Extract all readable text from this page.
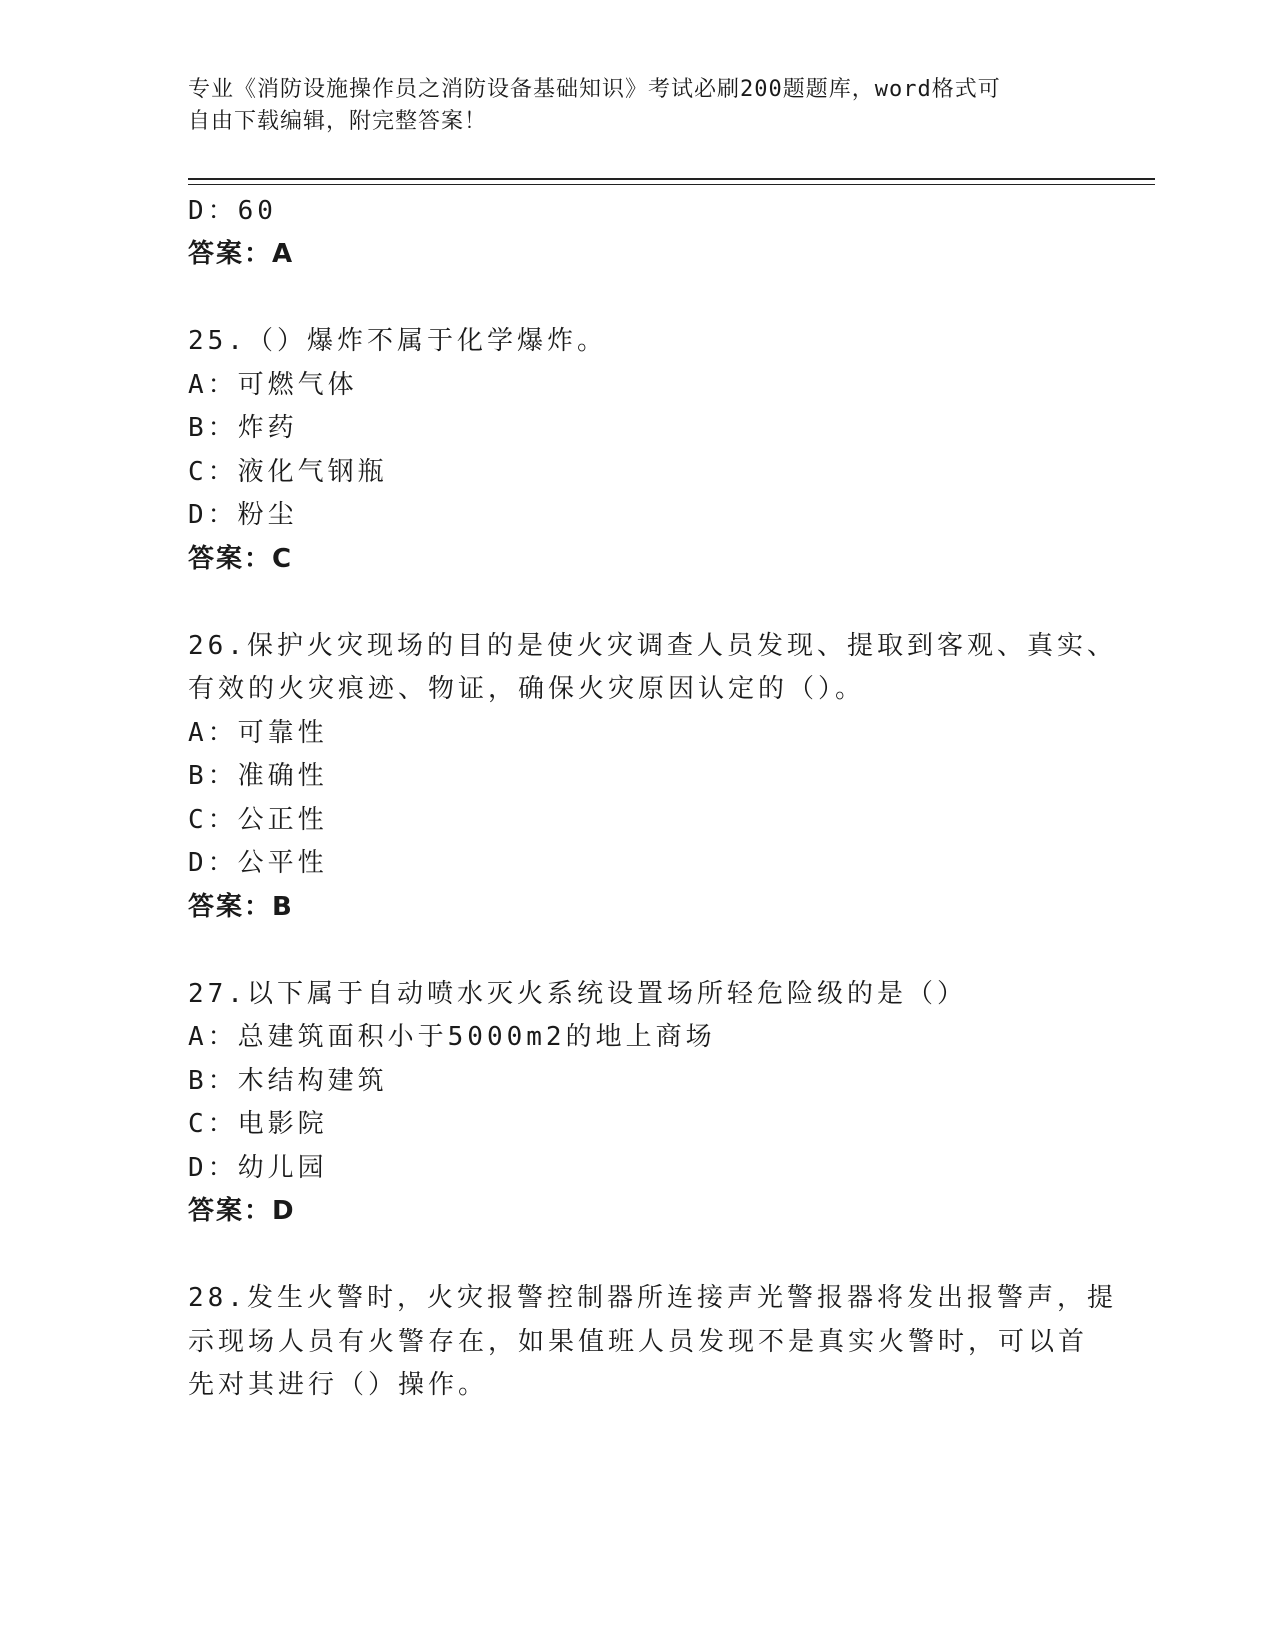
专业《消防设施操作员之消防设备基础知识》考试必刷200题题库，word格式可
自由下载编辑，附完整答案！
D：60
答案：A
25.（）爆炸不属于化学爆炸。
A：可燃气体
B：炸药
C：液化气钢瓶
D：粉尘
答案：C
26.保护火灾现场的目的是使火灾调查人员发现、提取到客观、真实、
有效的火灾痕迹、物证，确保火灾原因认定的（）。
A：可靠性
B：准确性
C：公正性
D：公平性
答案：B
27.以下属于自动喷水灭火系统设置场所轻危险级的是（）
A：总建筑面积小于5000m2的地上商场
B：木结构建筑
C：电影院
D：幼儿园
答案：D
28.发生火警时，火灾报警控制器所连接声光警报器将发出报警声，提
示现场人员有火警存在，如果值班人员发现不是真实火警时，可以首
先对其进行（）操作。
